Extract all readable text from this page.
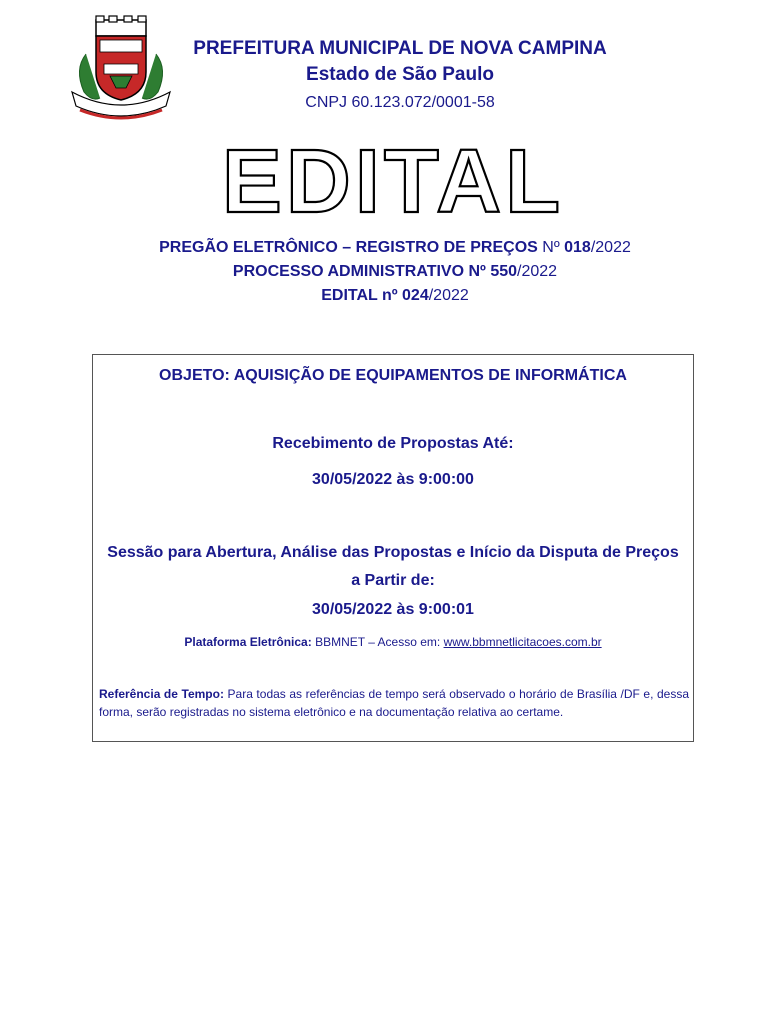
PREFEITURA MUNICIPAL DE NOVA CAMPINA
Estado de São Paulo
CNPJ 60.123.072/0001-58
EDITAL
PREGÃO ELETRÔNICO – REGISTRO DE PREÇOS Nº 018/2022
PROCESSO ADMINISTRATIVO Nº 550/2022
EDITAL nº 024/2022
OBJETO: AQUISIÇÃO DE EQUIPAMENTOS DE INFORMÁTICA
Recebimento de Propostas Até:
30/05/2022 às 9:00:00
Sessão para Abertura, Análise das Propostas e Início da Disputa de Preços a Partir de:
30/05/2022 às 9:00:01
Plataforma Eletrônica: BBMNET – Acesso em: www.bbmnetlicitacoes.com.br
Referência de Tempo: Para todas as referências de tempo será observado o horário de Brasília /DF e, dessa forma, serão registradas no sistema eletrônico e na documentação relativa ao certame.
